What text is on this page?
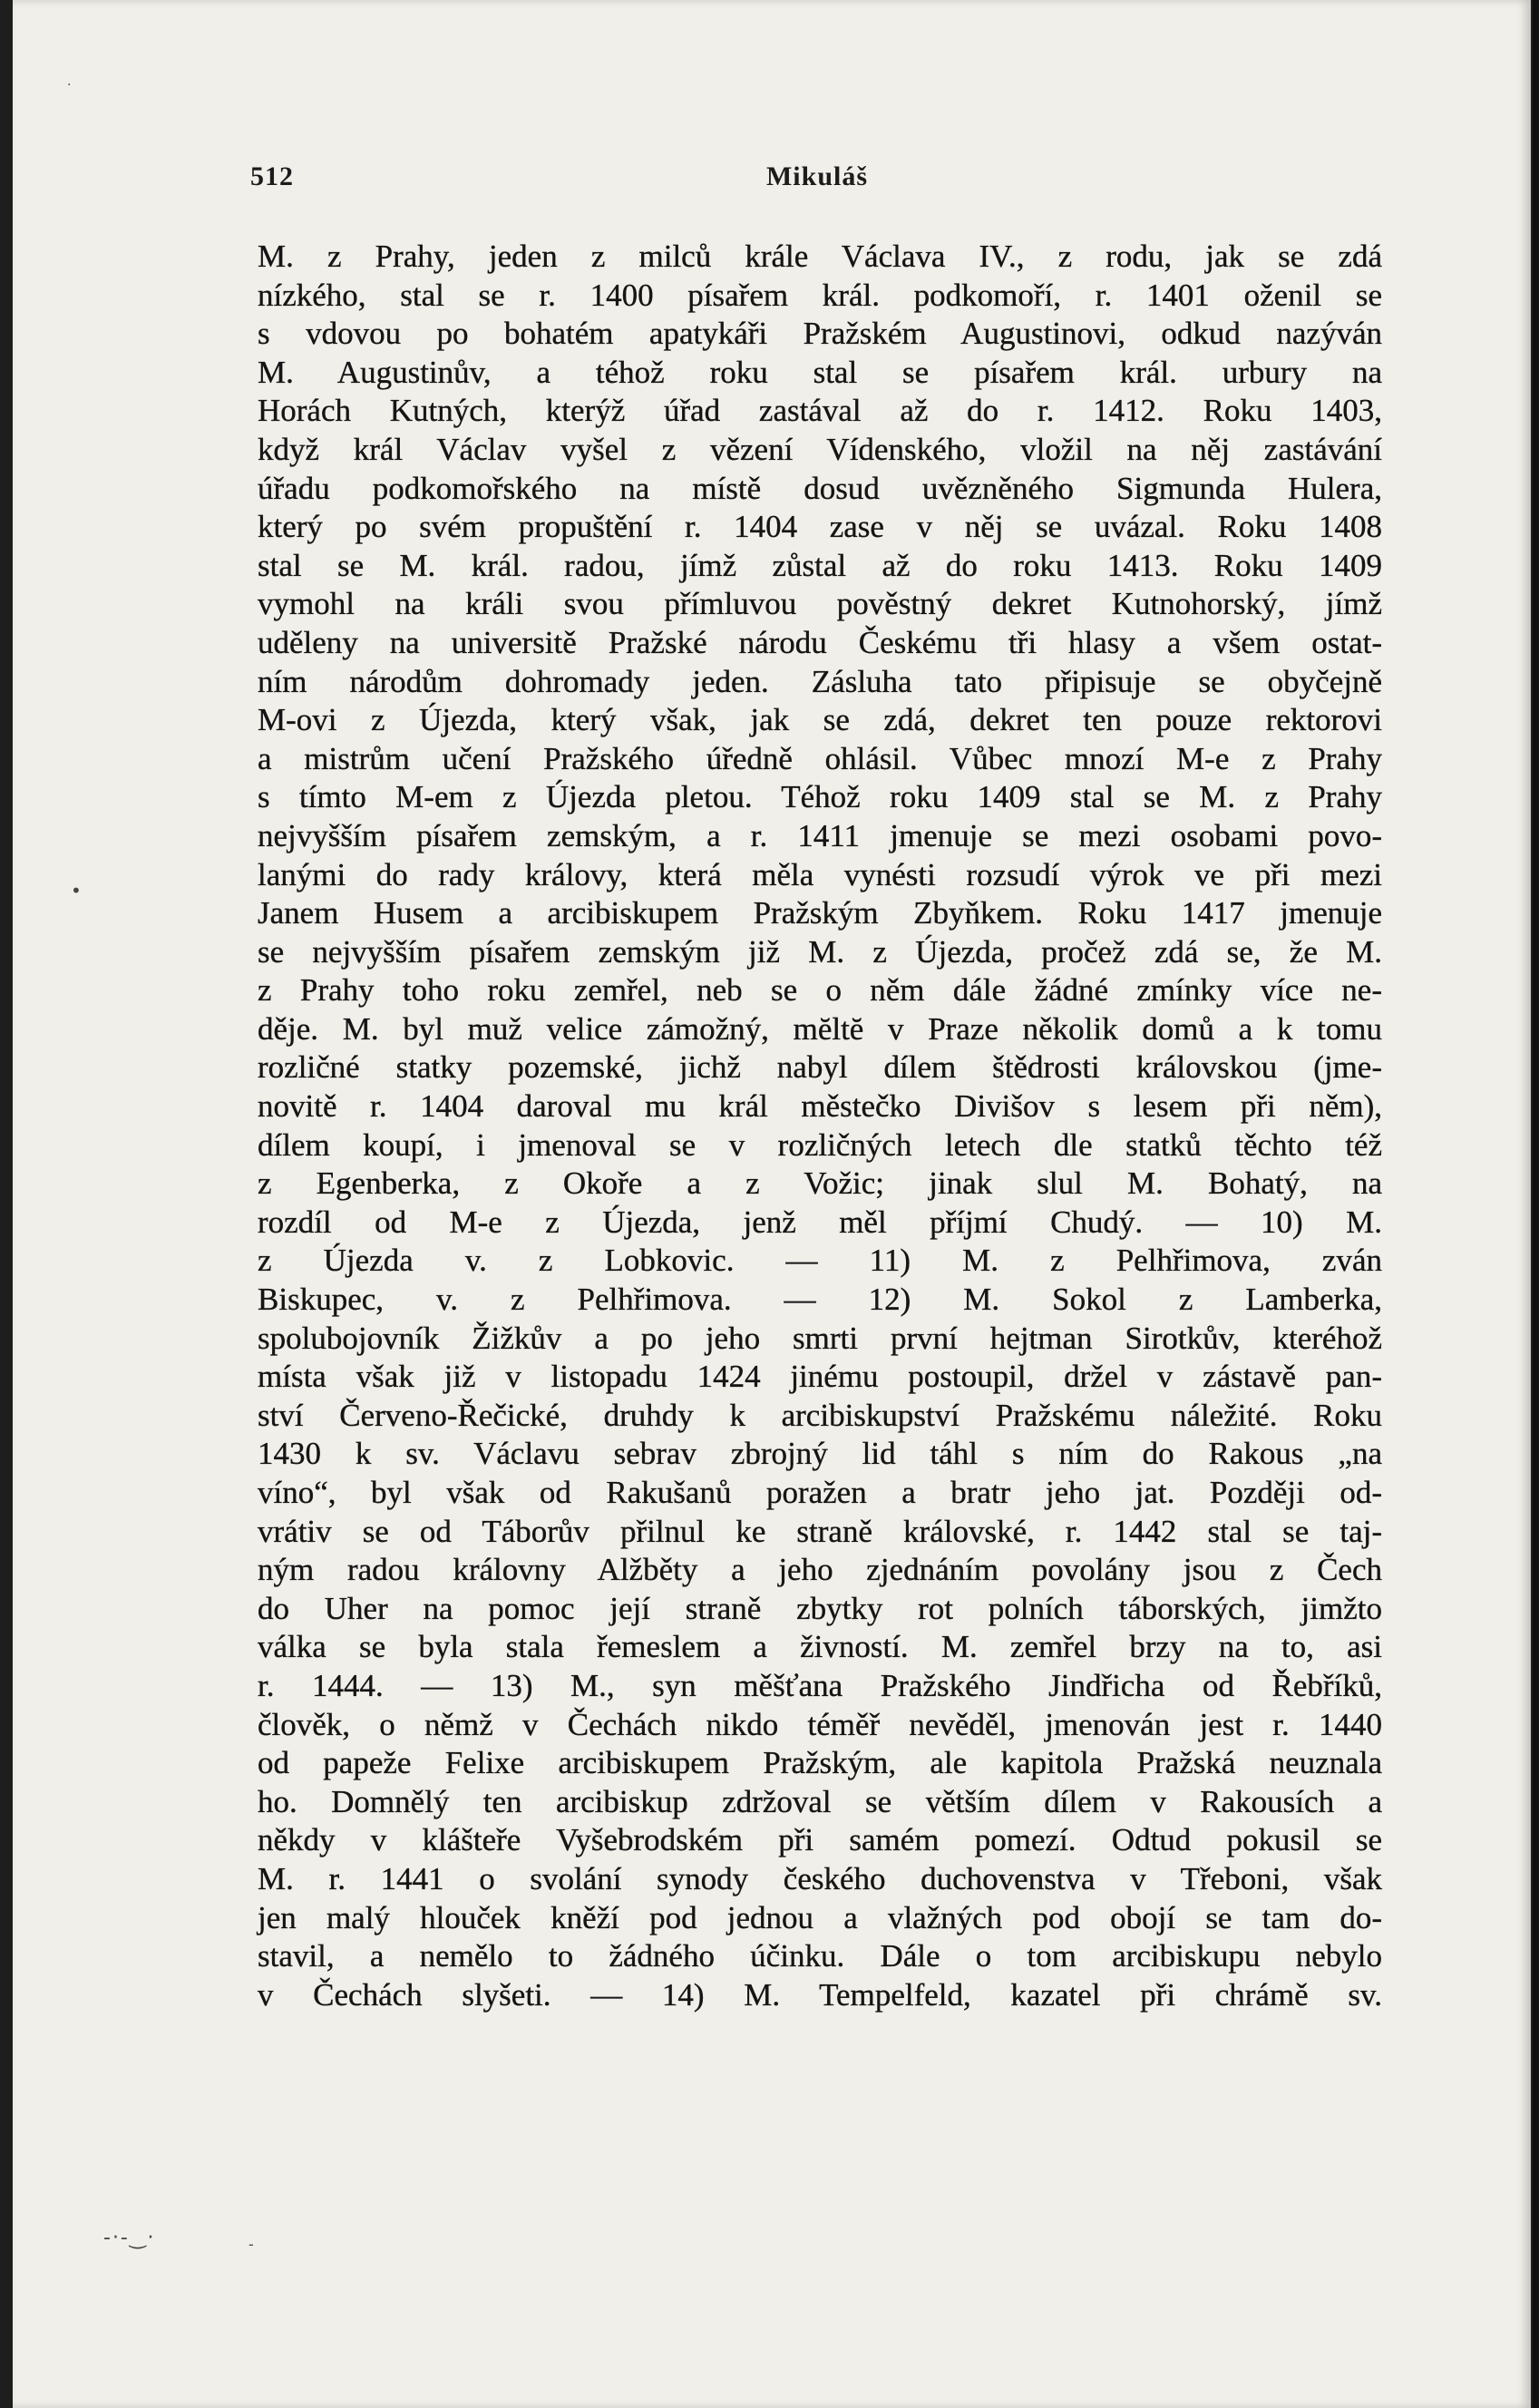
512	Mikuláš
M. z Prahy, jeden z milců krále Václava IV., z rodu, jak se zdá
nízkého, stal se r. 1400 písařem král. podkomoří, r. 1401 oženil se
s vdovou po bohatém apatykáři Pražském Augustinovi, odkud nazýván
M. Augustinův, a téhož roku stal se písařem král. urbury na
Horách Kutných, kterýž úřad zastával až do r. 1412. Roku 1403,
když král Václav vyšel z vězení Vídenského, vložil na něj zastávání
úřadu podkomořského na místě dosud uvězněného Sigmunda Hulera,
který po svém propuštění r. 1404 zase v něj se uvázal. Roku 1408
stal se M. král. radou, jímž zůstal až do roku 1413. Roku 1409
vymohl na králi svou přímluvou pověstný dekret Kutnohorský, jímž
uděleny na universitě Pražské národu Českému tři hlasy a všem ostat-
ním národům dohromady jeden. Zásluha tato připisuje se obyčejně
M-ovi z Újezda, který však, jak se zdá, dekret ten pouze rektorovi
a mistrům učení Pražského úředně ohlásil. Vůbec mnozí M-e z Prahy
s tímto M-em z Újezda pletou. Téhož roku 1409 stal se M. z Prahy
nejvyšším písařem zemským, a r. 1411 jmenuje se mezi osobami povo-
lanými do rady královy, která měla vynésti rozsudí výrok ve při mezi
Janem Husem a arcibiskupem Pražským Zbyňkem. Roku 1417 jmenuje
se nejvyšším písařem zemským již M. z Újezda, pročež zdá se, že M.
z Prahy toho roku zemřel, neb se o něm dále žádné zmínky více ne-
děje. M. byl muž velice zámožný, mĕltĕ v Praze několik domů a k tomu
rozličné statky pozemské, jichž nabyl dílem štědrosti královskou (jme-
novitě r. 1404 daroval mu král městečko Divišov s lesem při něm),
dílem koupí, i jmenoval se v rozličných letech dle statků těchto též
z Egenberka, z Okoře a z Vožic; jinak slul M. Bohatý, na
rozdíl od M-e z Újezda, jenž měl příjmí Chudý. — 10) M.
z Újezda v. z Lobkovic. — 11) M. z Pelhřimova, zván
Biskupec, v. z Pelhřimova. — 12) M. Sokol z Lamberka,
spolubojovník Žižkův a po jeho smrti první hejtman Sirotkův, kteréhož
místa však již v listopadu 1424 jinému postoupil, držel v zástavě pan-
ství Červeno-Řečické, druhdy k arcibiskupství Pražskému náležité. Roku
1430 k sv. Václavu sebrav zbrojný lid táhl s ním do Rakous „na
víno“, byl však od Rakušanů poražen a bratr jeho jat. Později od-
vrátiv se od Táborův přilnul ke straně královské, r. 1442 stal se taj-
ným radou královny Alžběty a jeho zjednáním povolány jsou z Čech
do Uher na pomoc její straně zbytky rot polních táborských, jimžto
válka se byla stala řemeslem a živností. M. zemřel brzy na to, asi
r. 1444. — 13) M., syn měšťana Pražského Jindřicha od Řebříků,
člověk, o němž v Čechách nikdo téměř nevěděl, jmenován jest r. 1440
od papeže Felixe arcibiskupem Pražským, ale kapitola Pražská neuznala
ho. Domnělý ten arcibiskup zdržoval se větším dílem v Rakousích a
někdy v klášteře Vyšebrodském při samém pomezí. Odtud pokusil se
M. r. 1441 o svolání synody českého duchovenstva v Třeboni, však
jen malý hlouček kněží pod jednou a vlažných pod obojí se tam do-
stavil, a nemělo to žádného účinku. Dále o tom arcibiskupu nebylo
v Čechách slyšeti. — 14) M. Tempelfeld, kazatel při chrámě sv.
·
•
-·-‿·	-
